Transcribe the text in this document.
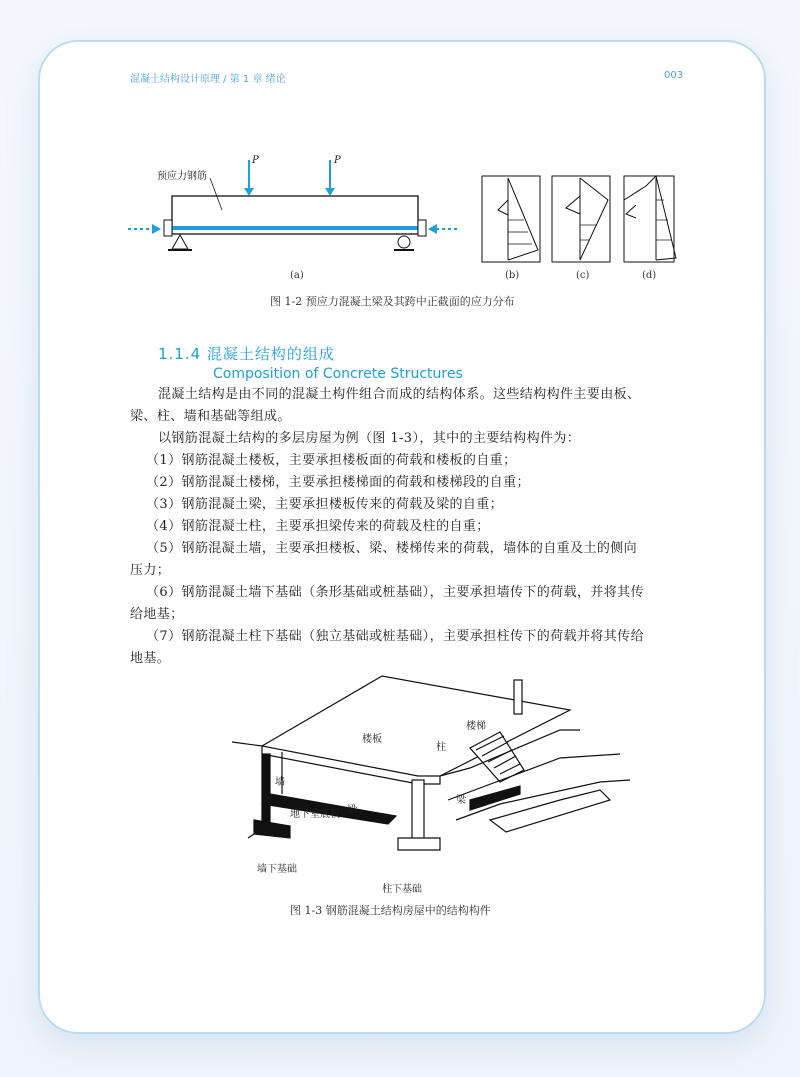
混凝土结构设计原理 / 第 1 章 绪论	003
预应力钢筋
P	P
(a)	(b)	(c)	(d)
图 1-2 预应力混凝土梁及其跨中正截面的应力分布
1.1.4 混凝土结构的组成
Composition of Concrete Structures
混凝土结构是由不同的混凝土构件组合而成的结构体系。这些结构构件主要由板、
梁、柱、墙和基础等组成。
以钢筋混凝土结构的多层房屋为例（图 1-3），其中的主要结构构件为：
（1）钢筋混凝土楼板，主要承担楼板面的荷载和楼板的自重；
（2）钢筋混凝土楼梯，主要承担楼梯面的荷载和楼梯段的自重；
（3）钢筋混凝土梁，主要承担楼板传来的荷载及梁的自重；
（4）钢筋混凝土柱，主要承担梁传来的荷载及柱的自重；
（5）钢筋混凝土墙，主要承担楼板、梁、楼梯传来的荷载，墙体的自重及土的侧向
压力；
（6）钢筋混凝土墙下基础（条形基础或桩基础），主要承担墙传下的荷载，并将其传
给地基；
（7）钢筋混凝土柱下基础（独立基础或桩基础），主要承担柱传下的荷载并将其传给
地基。
楼板
柱
楼梯
墙
梁
梁
地下室底板
墙下基础
柱下基础
图 1-3 钢筋混凝土结构房屋中的结构构件
